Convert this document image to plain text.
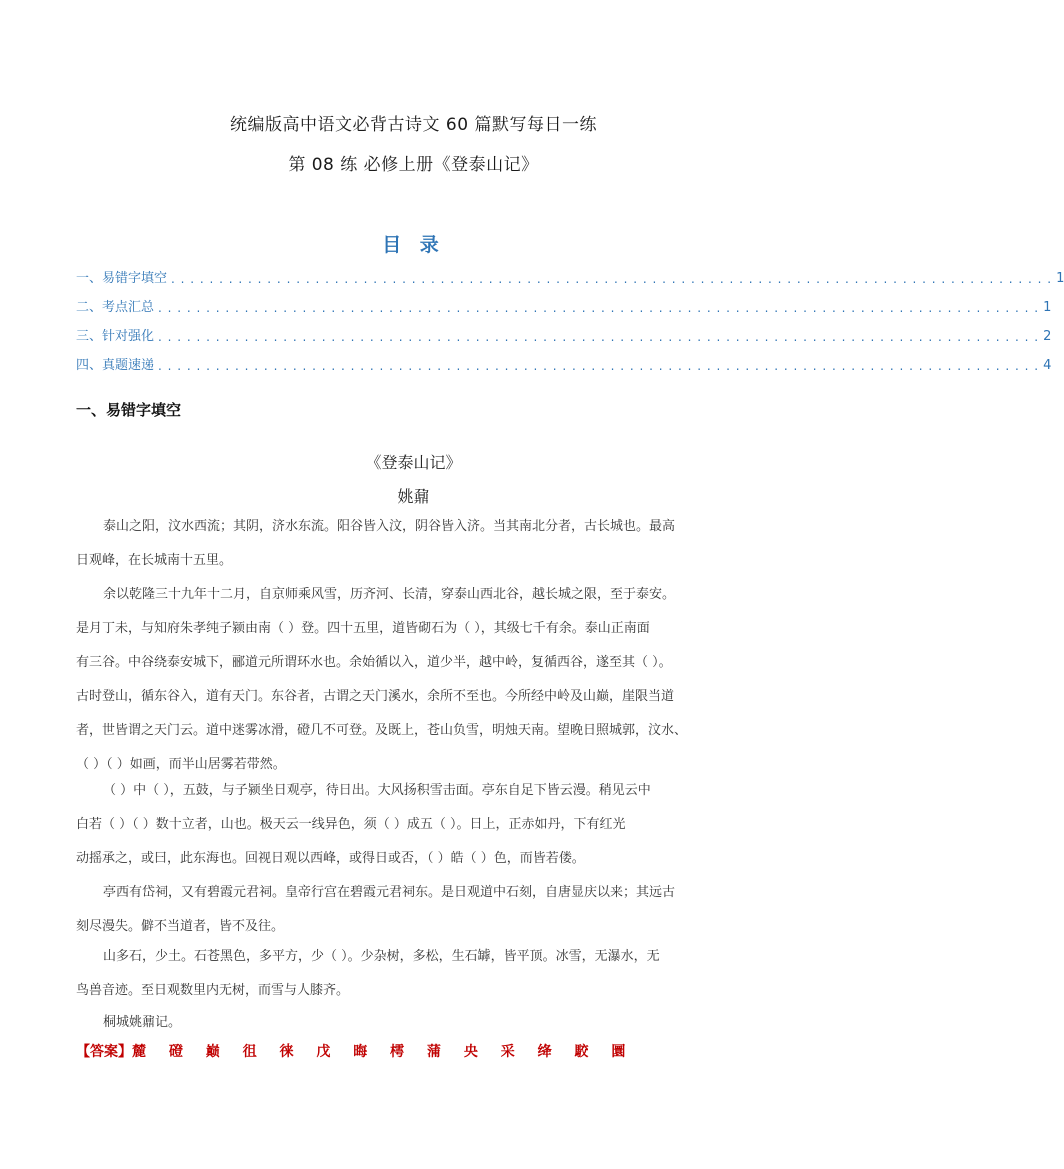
统编版高中语文必背古诗文 60 篇默写每日一练
第 08 练 必修上册《登泰山记》
目 录
一、易错字填空 . . . . . . . . . . . . . . . . . . . . . . . . . . . . . . . . . . . . . . . . . . . . . . . . . . . . . . . . . . . . . . . . . . . . . . . . . . . . . . . . . . . . . . . . . . . . 1
二、考点汇总 . . . . . . . . . . . . . . . . . . . . . . . . . . . . . . . . . . . . . . . . . . . . . . . . . . . . . . . . . . . . . . . . . . . . . . . . . . . . . . . . . . . . . . . . . . . . 1
三、针对强化 . . . . . . . . . . . . . . . . . . . . . . . . . . . . . . . . . . . . . . . . . . . . . . . . . . . . . . . . . . . . . . . . . . . . . . . . . . . . . . . . . . . . . . . . . . . . 2
四、真题速递 . . . . . . . . . . . . . . . . . . . . . . . . . . . . . . . . . . . . . . . . . . . . . . . . . . . . . . . . . . . . . . . . . . . . . . . . . . . . . . . . . . . . . . . . . . . . 4
一、易错字填空
《登泰山记》
姚鼐
泰山之阳，汶水西流；其阴，济水东流。阳谷皆入汶，阴谷皆入济。当其南北分者，古长城也。最高
日观峰，在长城南十五里。
余以乾隆三十九年十二月，自京师乘风雪，历齐河、长清，穿泰山西北谷，越长城之限，至于泰安。
是月丁未，与知府朱孝纯子颍由南（ ）登。四十五里，道皆砌石为（ ），其级七千有余。泰山正南面
有三谷。中谷绕泰安城下，郦道元所谓环水也。余始循以入，道少半，越中岭，复循西谷，遂至其（ ）。
古时登山，循东谷入，道有天门。东谷者，古谓之天门溪水，余所不至也。今所经中岭及山巅，崖限当道
者，世皆谓之天门云。道中迷雾冰滑，磴几不可登。及既上，苍山负雪，明烛天南。望晚日照城郭，汶水、
（ ）（ ）如画，而半山居雾若带然。
（ ）中（ ），五鼓，与子颍坐日观亭，待日出。大风扬积雪击面。亭东自足下皆云漫。稍见云中
白若（ ）（ ）数十立者，山也。极天云一线异色，须（ ）成五（ ）。日上，正赤如丹，下有红光
动摇承之，或曰，此东海也。回视日观以西峰，或得日或否，（ ）皓（ ）色，而皆若偻。
亭西有岱祠，又有碧霞元君祠。皇帝行宫在碧霞元君祠东。是日观道中石刻，自唐显庆以来；其远古
刻尽漫失。僻不当道者，皆不及往。
山多石，少土。石苍黑色，多平方，少（ ）。少杂树，多松，生石罅，皆平顶。冰雪，无瀑水，无
鸟兽音迹。至日观数里内无树，而雪与人膝齐。
桐城姚鼐记。
【答案】麓 磴 巅 徂 徕 戊 晦 樗 蒲 央 采 绛 駮 圜
